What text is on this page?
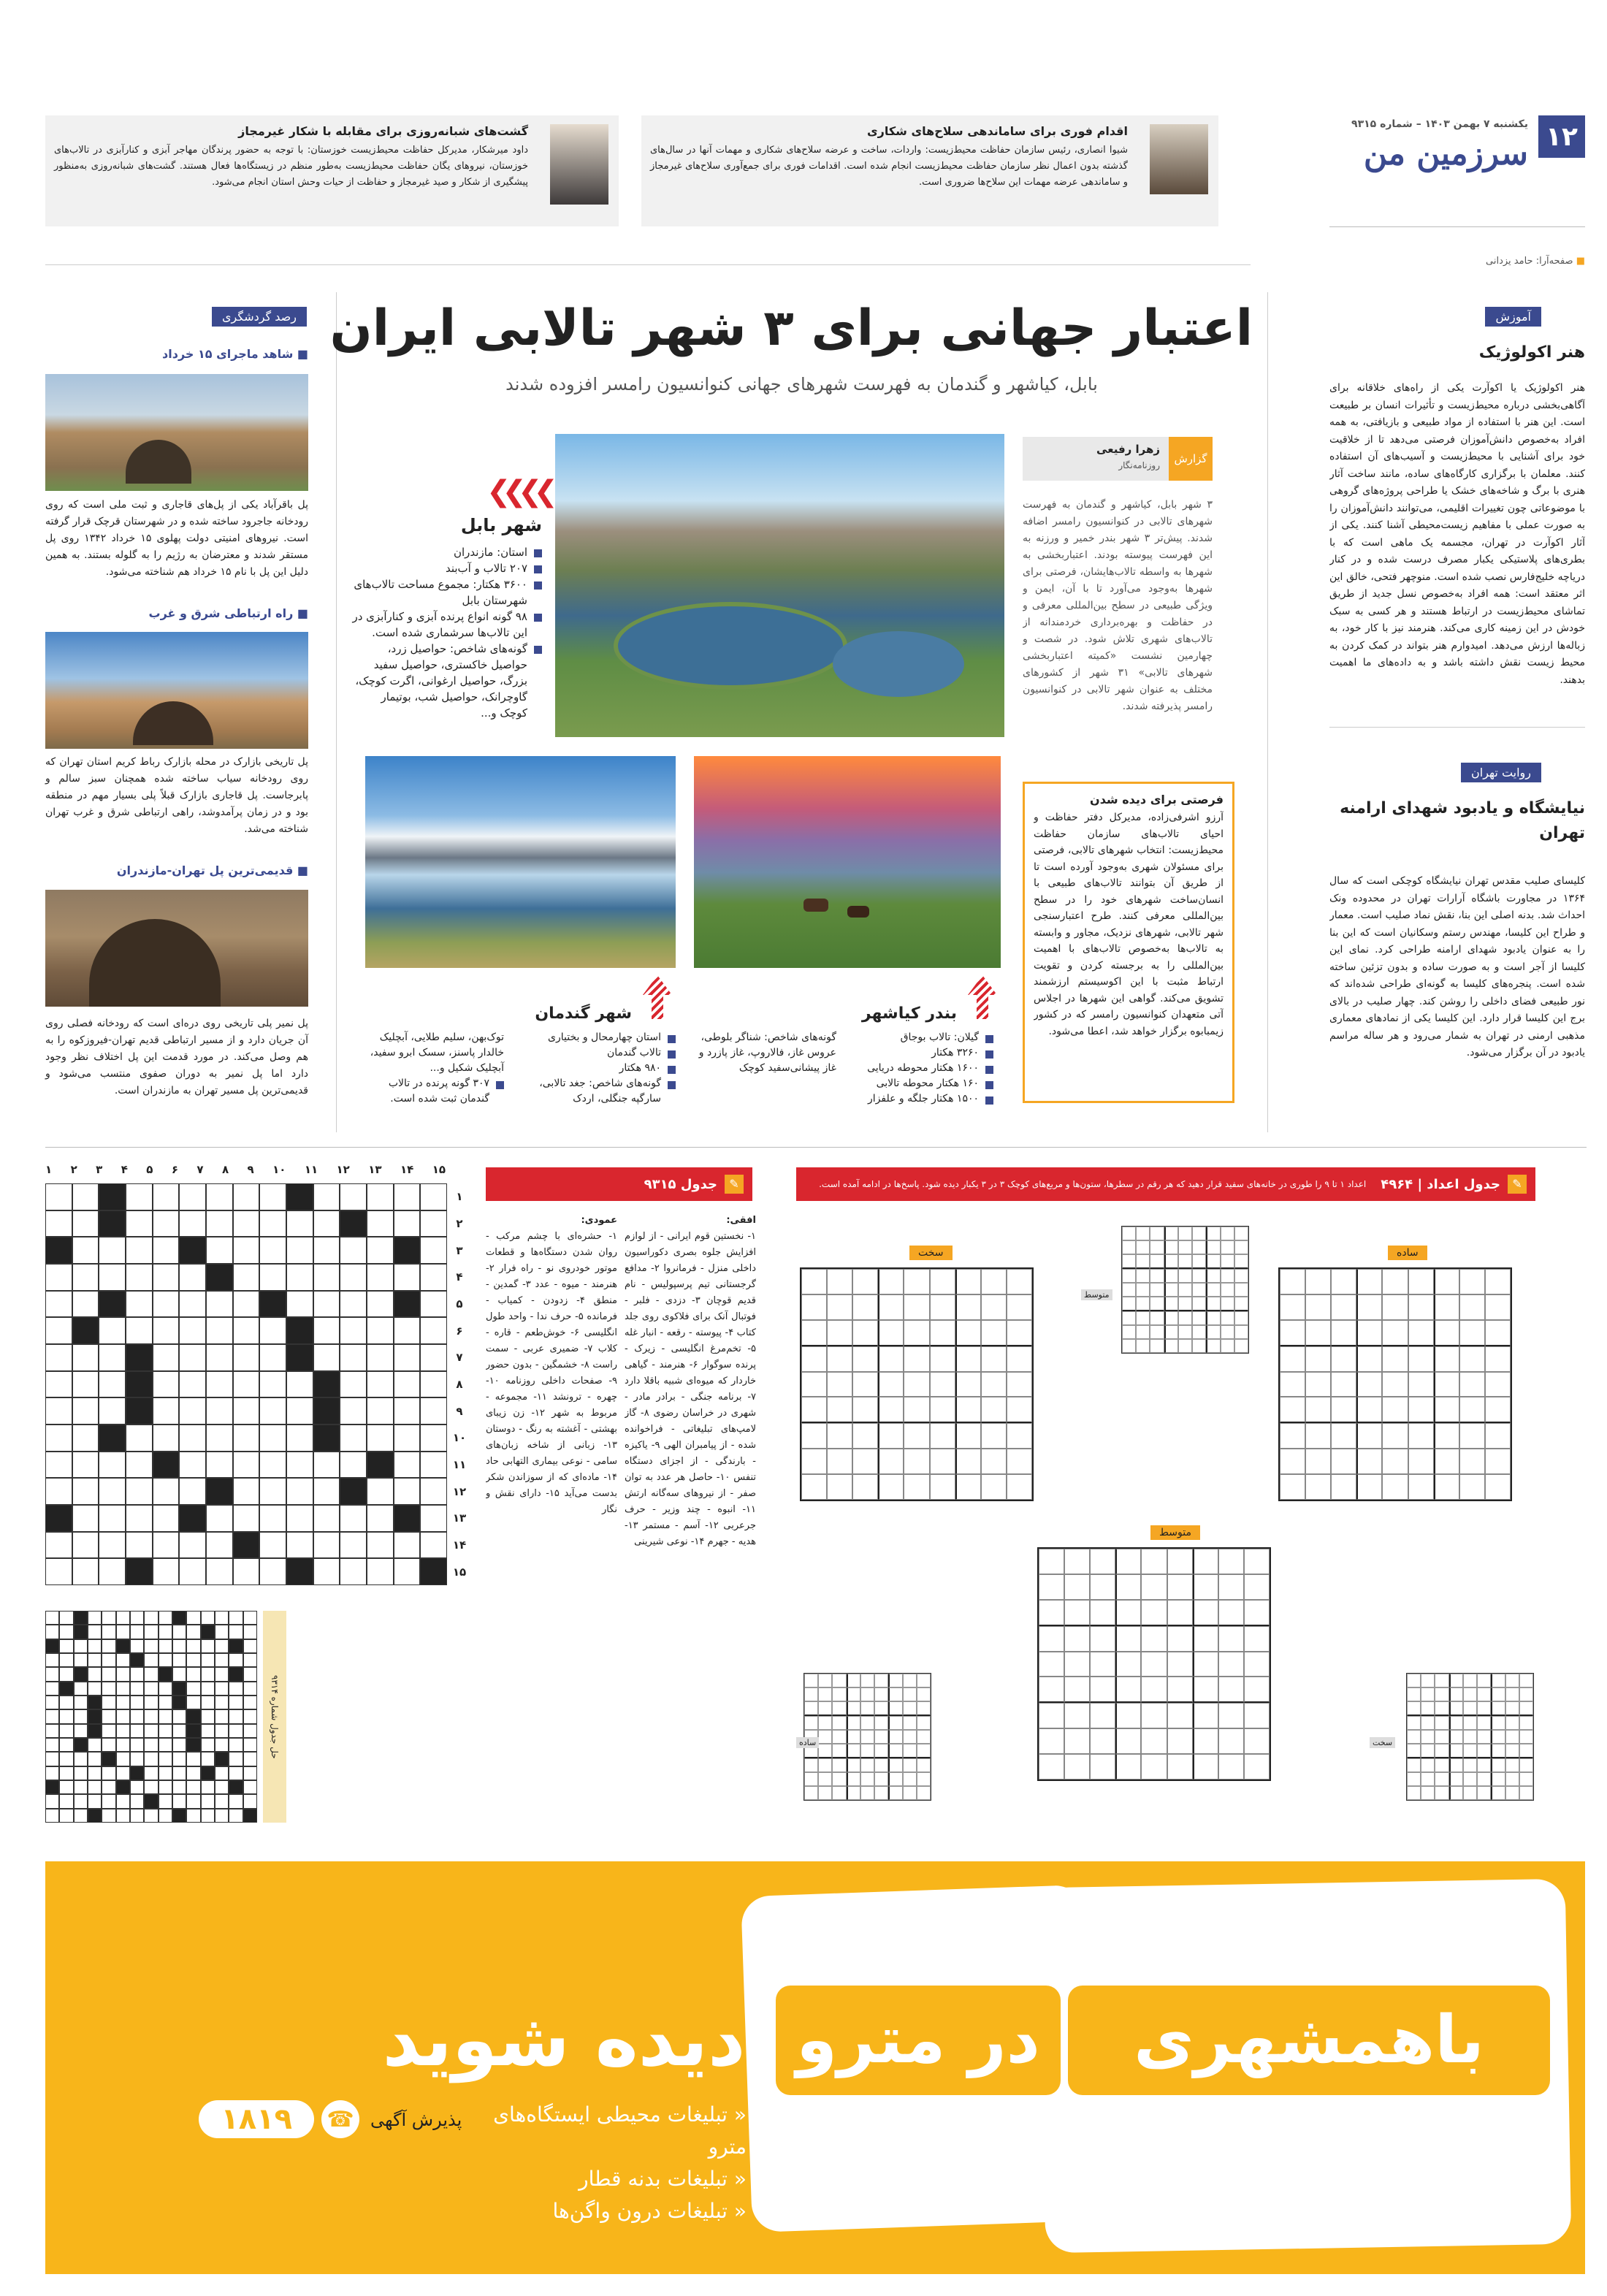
۱۲
یکشنبه ۷ بهمن ۱۴۰۳ – شماره ۹۳۱۵
سرزمین من
■ صفحه‌آرا: حامد یزدانی
اقدام فوری برای ساماندهی سلاح‌های شکاری
شیوا انصاری، رئیس سازمان حفاظت محیط‌زیست: واردات، ساخت و عرضه سلاح‌های شکاری و مهمات آنها در سال‌های گذشته بدون اعمال نظر سازمان حفاظت محیط‌زیست انجام شده است. اقدامات فوری برای جمع‌آوری سلاح‌های غیرمجاز و ساماندهی عرضه مهمات این سلاح‌ها ضروری است.
گشت‌های شبانه‌روزی برای مقابله با شکار غیرمجاز
داود میرشکار، مدیرکل حفاظت محیط‌زیست خوزستان: با توجه به حضور پرندگان مهاجر آبزی و کنارآبزی در تالاب‌های خوزستان، نیروهای یگان حفاظت محیط‌زیست به‌طور منظم در زیستگاه‌ها فعال هستند. گشت‌های شبانه‌روزی به‌منظور پیشگیری از شکار و صید غیرمجاز و حفاظت از حیات وحش استان انجام می‌شود.
آموزش
هنر اکولوژیک
هنر اکولوژیک یا اکوآرت یکی از راه‌های خلاقانه برای آگاهی‌بخشی درباره محیط‌زیست و تأثیرات انسان بر طبیعت است. این هنر با استفاده از مواد طبیعی و بازیافتی، به همه افراد به‌خصوص دانش‌آموزان فرصتی می‌دهد تا از خلاقیت خود برای آشنایی با محیط‌زیست و آسیب‌های آن استفاده کنند. معلمان با برگزاری کارگاه‌های ساده، مانند ساخت آثار هنری با برگ و شاخه‌های خشک یا طراحی پروژه‌های گروهی با موضوعاتی چون تغییرات اقلیمی، می‌توانند دانش‌آموزان را به صورت عملی با مفاهیم زیست‌محیطی آشنا کنند. یکی از آثار اکوآرت در تهران، مجسمه یک ماهی است که با بطری‌های پلاستیکی یکبار مصرف درست شده و در کنار دریاچه خلیج‌فارس نصب شده است. منوچهر فتحی، خالق این اثر معتقد است: همه افراد به‌خصوص نسل جدید از طریق تماشای محیط‌زیست در ارتباط هستند و هر کسی به سبک خودش در این زمینه کاری می‌کند. هنرمند نیز با کار خود، به زباله‌ها ارزش می‌دهد. امیدوارم هنر بتواند در کمک کردن به محیط زیست نقش داشته باشد و به داده‌های ما اهمیت بدهند.
روایت تهران
نیایشگاه و یادبود شهدای ارامنه تهران
کلیسای صلیب مقدس تهران نیایشگاه کوچکی است که سال ۱۳۶۴ در مجاورت باشگاه آرارات تهران در محدوده ونک احداث شد. بدنه اصلی این بنا، نقش نماد صلیب است. معمار و طراح این کلیسا، مهندس رستم وسکانیان است که این بنا را به عنوان یادبود شهدای ارامنه طراحی کرد. نمای این کلیسا از آجر است و به صورت ساده و بدون تزئین ساخته شده است. پنجره‌های کلیسا به گونه‌ای طراحی شده‌اند که نور طبیعی فضای داخلی را روشن کند. چهار صلیب در بالای برج این کلیسا قرار دارد. این کلیسا یکی از نمادهای معماری مذهبی ارمنی در تهران به شمار می‌رود و هر ساله مراسم یادبود در آن برگزار می‌شود.
اعتبار جهانی برای ۳ شهر تالابی ایران
بابل، کیاشهر و گندمان به فهرست شهرهای جهانی کنوانسیون رامسر افزوده شدند
گزارش
زهرا رفیعی
روزنامه‌نگار
۳ شهر بابل، کیاشهر و گندمان به فهرست شهرهای تالابی در کنوانسیون رامسر اضافه شدند. پیش‌تر ۳ شهر بندر خمیر و ورزنه به این فهرست پیوسته بودند. اعتباربخشی به شهرها به واسطه تالاب‌هایشان، فرصتی برای شهرها به‌وجود می‌آورد تا با آن، ایمن و ویژگی طبیعی در سطح بین‌المللی معرفی و در حفاظت و بهره‌برداری خردمندانه از تالاب‌های شهری تلاش شود. در شصت و چهارمین نشست «کمیته اعتباربخشی شهرهای تالابی» ۳۱ شهر از کشورهای مختلف به عنوان شهر تالابی در کنوانسیون رامسر پذیرفته شدند.
❯❯❯❯
شهر بابل
استان: مازندران
۲۰۷ تالاب و آب‌بند
۳۶۰۰ هکتار: مجموع مساحت تالاب‌های شهرستان بابل
۹۸ گونه انواع پرنده آبزی و کنارآبزی در این تالاب‌ها سرشماری شده است.
گونه‌های شاخص: حواصیل زرد، حواصیل خاکستری، حواصیل سفید بزرگ، حواصیل ارغوانی، اگرت کوچک، گاوچرانک، حواصیل شب، بوتیمار کوچک و...
فرصتی برای دیده شدن
آرزو اشرفی‌زاده، مدیرکل دفتر حفاظت و احیای تالاب‌های سازمان حفاظت محیط‌زیست: انتخاب شهرهای تالابی، فرصتی برای مسئولان شهری به‌وجود آورده است تا از طریق آن بتوانند تالاب‌های طبیعی با انسان‌ساخت شهرهای خود را در سطح بین‌المللی معرفی کنند. طرح اعتبارسنجی شهر تالابی، شهرهای نزدیک، مجاور و وابسته به تالاب‌ها به‌خصوص تالاب‌های با اهمیت بین‌المللی را به برجسته کردن و تقویت ارتباط مثبت با این اکوسیستم ارزشمند تشویق می‌کند. گواهی این شهرها در اجلاس آتی متعهدان کنوانسیون رامسر که در کشور زیمبابوه برگزار خواهد شد، اعطا می‌شود.
بندر کیاشهر
گیلان: تالاب بوجاق
۳۲۶۰ هکتار
۱۶۰۰ هکتار محوطه دریایی
۱۶۰ هکتار محوطه تالابی
۱۵۰۰ هکتار جلگه و علفزار
گونه‌های شاخص: شناگر بلوطی، عروس غاز، فالاروپ، غاز پازرد و غاز پیشانی‌سفید کوچک
شهر گندمان
استان چهارمحال و بختیاری
تالاب گندمان
۹۸۰ هکتار
گونه‌های شاخص: جغد تالابی، سارگپه جنگلی، اردک
توک‌بهن، سلیم طلایی، آبچلیک خالدار پاسنز، سسک ابرو سفید، آبچلیک شکیل و...
۳۰۷ گونه پرنده در تالاب گندمان ثبت شده است.
رصد گردشگری
■ شاهد ماجرای ۱۵ خرداد
پل باقرآباد یکی از پل‌های قاجاری و ثبت ملی است که روی رودخانه جاجرود ساخته شده و در شهرستان قرچک قرار گرفته است. نیروهای امنیتی دولت پهلوی ۱۵ خرداد ۱۳۴۲ روی پل مستقر شدند و معترضان به رژیم را به گلوله بستند. به همین دلیل این پل با نام ۱۵ خرداد هم شناخته می‌شود.
■ راه ارتباطی شرق و غرب
پل تاریخی بازارک در محله بازارک رباط کریم استان تهران که روی رودخانه سیاب ساخته شده همچنان سبز سالم و پابرجاست. پل قاجاری بازارک قبلاً پلی بسیار مهم در منطقه بود و در زمان پرآمدوشد، راهی ارتباطی شرق و غرب تهران شناخته می‌شد.
■ قدیمی‌ترین پل تهران-مازندران
پل نمیر پلی تاریخی روی دره‌ای است که رودخانه فصلی روی آن جریان دارد و از مسیر ارتباطی قدیم تهران-فیروزکوه را به هم وصل می‌کند. در مورد قدمت این پل اختلاف نظر وجود دارد اما پل نمیر به دوران صفوی منتسب می‌شود و قدیمی‌ترین پل مسیر تهران به مازندران است.
۱ ۲ ۳ ۴ ۵ ۶ ۷ ۸ ۹ ۱۰ ۱۱ ۱۲ ۱۳ ۱۴ ۱۵
۱
۲
۳
۴
۵
۶
۷
۸
۹
۱۰
۱۱
۱۲
۱۳
۱۴
۱۵
✎
جدول ۹۳۱۵
افقی:
۱- نخستین قوم ایرانی - از لوازم افزایش جلوه بصری دکوراسیون داخلی منزل - فرمانروا ۲- مدافع گرجستانی تیم پرسپولیس - نام قدیم قوچان ۳- دزدی - فلبر - فوتبال آنک برای فلاکوی روی جلد کتاب ۴- پیوسته - رقعه - انبار غله ۵- تخم‌مرغ انگلیسی - زیرک - پرنده سوگوار ۶- هنرمند - گیاهی خاردار که میوه‌ای شبیه باقلا دارد ۷- برنامه جنگی - برادر مادر - شهری در خراسان رضوی ۸- گاز لامپ‌های تبلیغاتی - فراخوانده شده - از پیامبران الهی ۹- یاکیزه - بارندگی - از اجزای دستگاه تنفس ۱۰- حاصل هر عدد به توان صفر - از نیروهای سه‌گانه ارتش ۱۱- انبوه - چند وزیر - حرف جرعربی ۱۲- آسم - مستمر ۱۳- هدیه - جهرم ۱۴- نوعی شیرینی
عمودی:
۱- حشره‌ای با چشم مرکب - روان شدن دستگاه‌ها و قطعات موتور خودروی نو - راه فرار ۲- هنرمند - میوه - عدد ۳- گمدین - منطق ۴- زدودن - کمیاب - فرمانده ۵- حرف ندا - واحد طول انگلیسی ۶- خوش‌طعم - قاره - کلاب ۷- ضمیری عربی - سمت راست ۸- خشمگین - بدون حضور ۹- صفحات داخلی روزنامه ۱۰- چهره - ترونشد ۱۱- مجموعه - مربوط به شهر ۱۲- زن زیبای بهشتی - آغشته به رنگ - دوستان ۱۳- زبانی از شاخه زبان‌های سامی - نوعی بیماری التهابی حاد ۱۴- ماده‌ای که از سوزاندن شکر بدست می‌آید ۱۵- دارای نقش و نگار
حل جدول شماره ۹۳۱۴
✎
جدول اعداد | ۴۹۶۴
اعداد ۱ تا ۹ را طوری در خانه‌های سفید قرار دهید که هر رقم در سطرها، ستون‌ها و مربع‌های کوچک ۳ در ۳ یکبار دیده شود. پاسخ‌ها در ادامه آمده است.
ساده
سخت
متوسط
متوسط
ساده	سخت
باهمشهری
در مترو
دیده شوید
« تبلیغات محیطی ایستگاه‌های مترو
« تبلیغات بدنه قطار
« تبلیغات درون واگن‌ها
پذیرش آگهی
☎
۱۸۱۹
